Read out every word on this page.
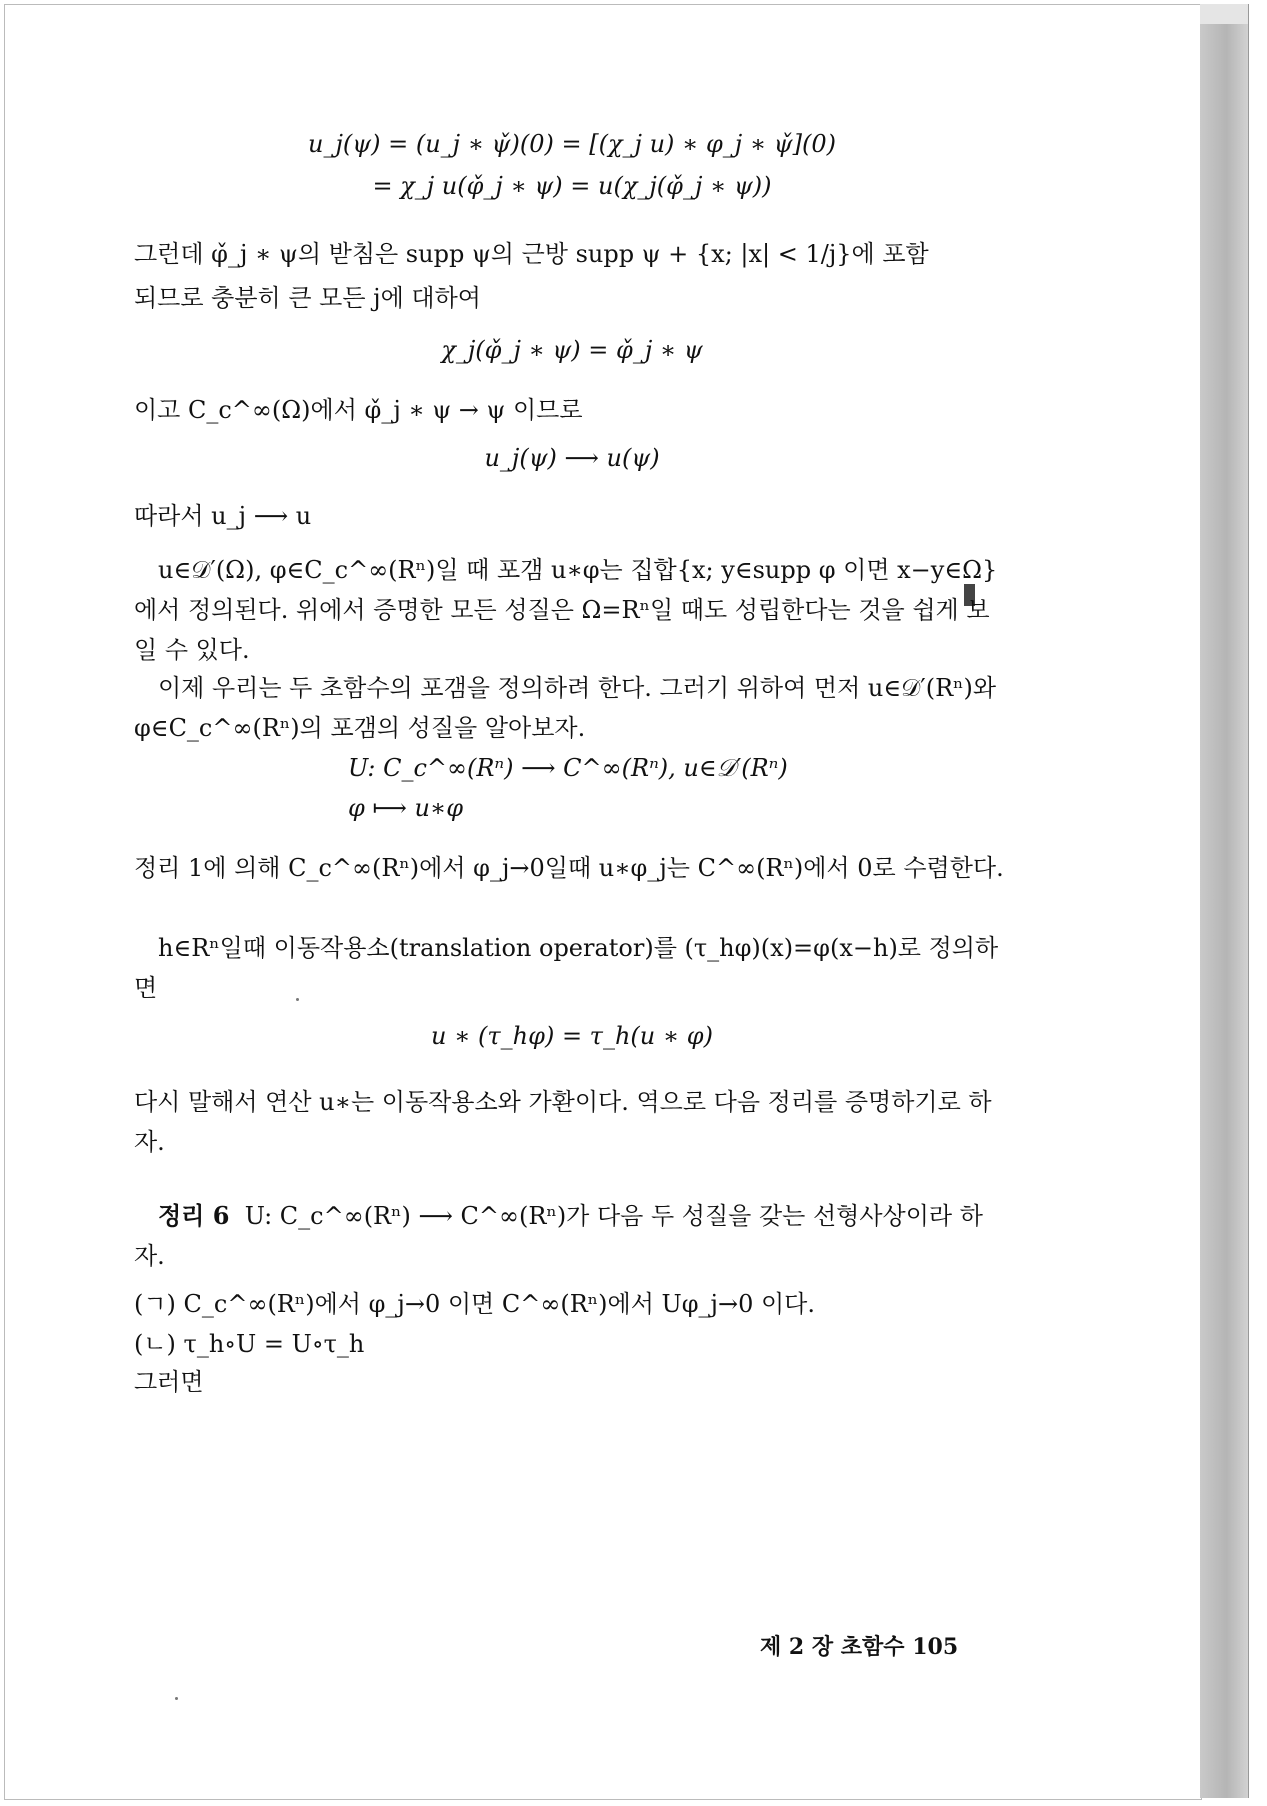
u_j(ψ) = (u_j ∗ ψ̌)(0) = [(χ_j u) ∗ φ_j ∗ ψ̌](0)
= χ_j u(φ̌_j ∗ ψ) = u(χ_j(φ̌_j ∗ ψ))
그런데 φ̌_j ∗ ψ의 받침은 supp ψ의 근방 supp ψ + {x; |x| < 1/j}에 포함
되므로 충분히 큰 모든 j에 대하여
χ_j(φ̌_j ∗ ψ) = φ̌_j ∗ ψ
이고 C_c^∞(Ω)에서 φ̌_j ∗ ψ → ψ 이므로
u_j(ψ) ⟶ u(ψ)
따라서 u_j ⟶ u
u∈𝒟′(Ω), φ∈C_c^∞(Rⁿ)일 때 포갬 u∗φ는 집합{x; y∈supp φ 이면 x−y∈Ω}에서 정의된다. 위에서 증명한 모든 성질은 Ω=Rⁿ일 때도 성립한다는 것을 쉽게 보일 수 있다.
이제 우리는 두 초함수의 포갬을 정의하려 한다. 그러기 위하여 먼저 u∈𝒟′(Rⁿ)와 φ∈C_c^∞(Rⁿ)의 포갬의 성질을 알아보자.
U: C_c^∞(Rⁿ) ⟶ C^∞(Rⁿ), u∈𝒟′(Rⁿ)
φ ⟼ u∗φ
정리 1에 의해 C_c^∞(Rⁿ)에서 φ_j→0일때 u∗φ_j는 C^∞(Rⁿ)에서 0로 수렴한다.
h∈Rⁿ일때 이동작용소(translation operator)를 (τ_hφ)(x)=φ(x−h)로 정의하면
u ∗ (τ_hφ) = τ_h(u ∗ φ)
다시 말해서 연산 u∗는 이동작용소와 가환이다. 역으로 다음 정리를 증명하기로 하자.
정리 6 U: C_c^∞(Rⁿ) ⟶ C^∞(Rⁿ)가 다음 두 성질을 갖는 선형사상이라 하자.
(ㄱ) C_c^∞(Rⁿ)에서 φ_j→0 이면 C^∞(Rⁿ)에서 Uφ_j→0 이다.
(ㄴ) τ_h∘U = U∘τ_h
그러면
제 2 장 초함수 105
